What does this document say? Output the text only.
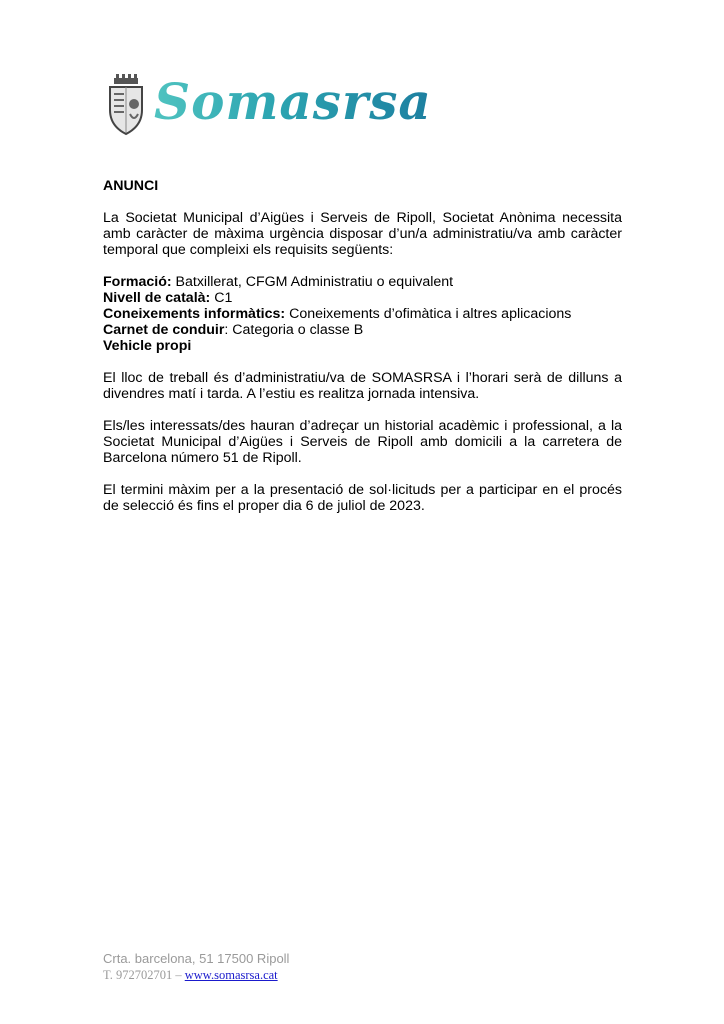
Somasrsa

ANUNCI

La Societat Municipal d’Aigües i Serveis de Ripoll, Societat Anònima necessita amb caràcter de màxima urgència disposar d’un/a administratiu/va amb caràcter temporal que compleixi els requisits següents:

Formació: Batxillerat, CFGM Administratiu o equivalent

Nivell de català: C1

Coneixements informàtics: Coneixements d’ofimàtica i altres aplicacions

Carnet de conduir: Categoria o classe B

Vehicle propi

El lloc de treball és d’administratiu/va de SOMASRSA i l’horari serà de dilluns a divendres matí i tarda. A l’estiu es realitza jornada intensiva.

Els/les interessats/des hauran d’adreçar un historial acadèmic i professional, a la Societat Municipal d’Aigües i Serveis de Ripoll amb domicili a la carretera de Barcelona número 51 de Ripoll.

El termini màxim per a la presentació de sol·licituds per a participar en el procés de selecció és fins el proper dia 6 de juliol de 2023.

Crta. barcelona, 51 17500 Ripoll
T. 972702701 – www.somasrsa.cat
